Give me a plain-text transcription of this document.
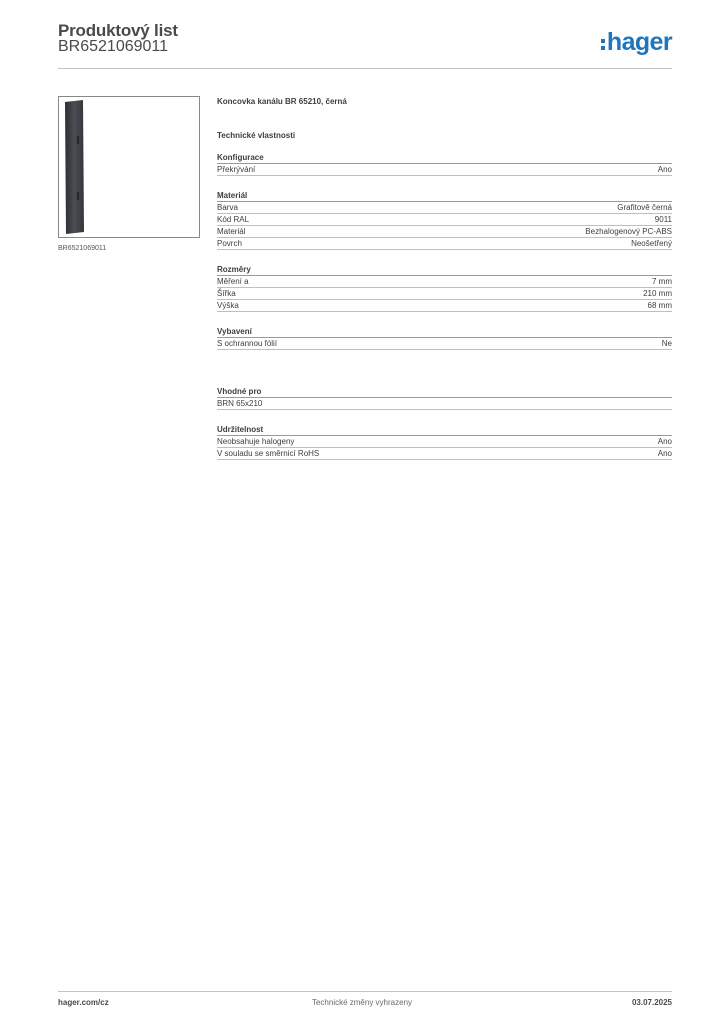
Produktový list
BR6521069011	hager
BR6521069011
Koncovka kanálu BR 65210, černá
Technické vlastnosti
Konfigurace
Překrývání	Ano
Materiál
Barva	Grafitově černá
Kód RAL	9011
Materiál	Bezhalogenový PC-ABS
Povrch	Neošetřený
Rozměry
Měření a	7 mm
Šířka	210 mm
Výška	68 mm
Vybavení
S ochrannou fólií	Ne
Vhodné pro
BRN 65x210
Udržitelnost
Neobsahuje halogeny	Ano
V souladu se směrnicí RoHS	Ano
hager.com/cz	Technické změny vyhrazeny	03.07.2025
